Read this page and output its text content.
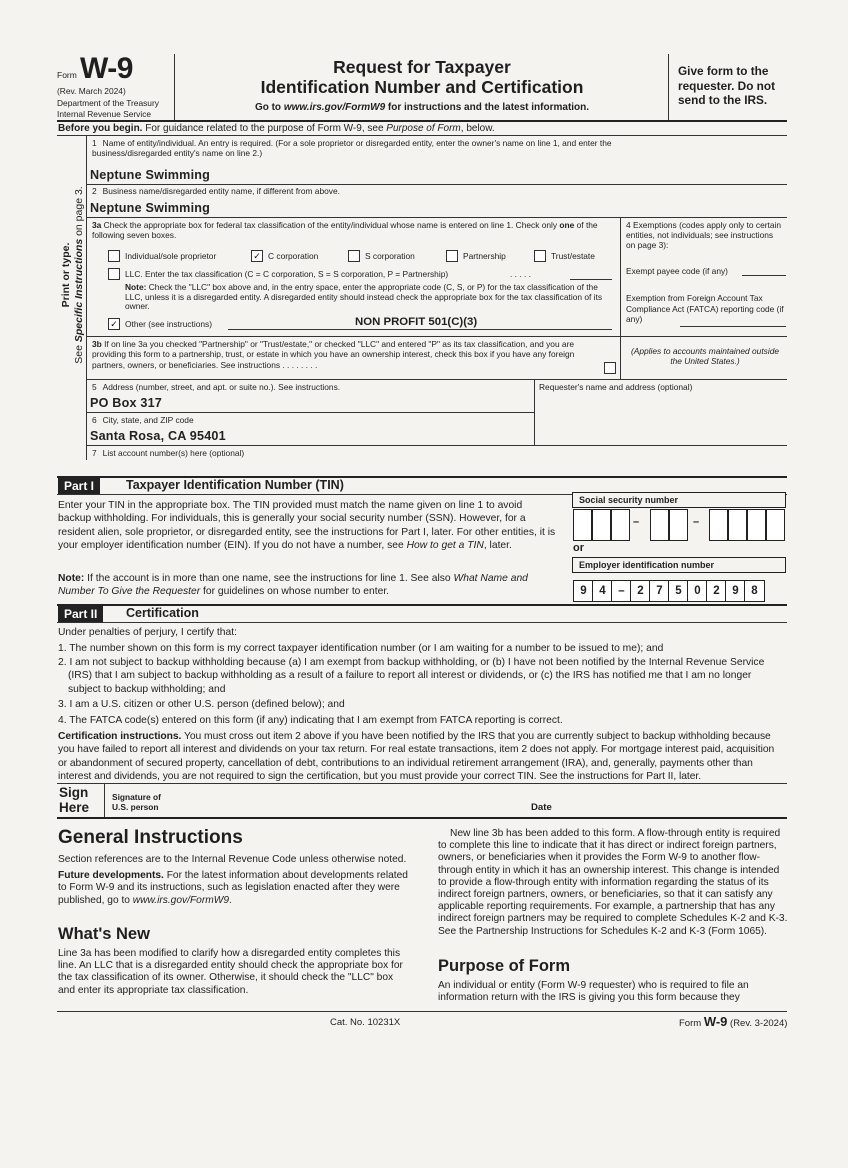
Form W-9
(Rev. March 2024)
Department of the Treasury
Internal Revenue Service
Request for Taxpayer
Identification Number and Certification
Go to www.irs.gov/FormW9 for instructions and the latest information.
Give form to the requester. Do not send to the IRS.
Before you begin. For guidance related to the purpose of Form W-9, see Purpose of Form, below.
Print or type.
See Specific Instructions on page 3.
1 Name of entity/individual. An entry is required. (For a sole proprietor or disregarded entity, enter the owner's name on line 1, and enter the business/disregarded entity's name on line 2.)
Neptune Swimming
2 Business name/disregarded entity name, if different from above.
Neptune Swimming
3a Check the appropriate box for federal tax classification of the entity/individual whose name is entered on line 1. Check only one of the following seven boxes.
Individual/sole proprietor	✓ C corporation	S corporation	Partnership	Trust/estate
LLC. Enter the tax classification (C = C corporation, S = S corporation, P = Partnership)	. . . . .
Note: Check the "LLC" box above and, in the entry space, enter the appropriate code (C, S, or P) for the tax classification of the LLC, unless it is a disregarded entity. A disregarded entity should instead check the appropriate box for the tax classification of its owner.
✓ Other (see instructions)	NON PROFIT 501(C)(3)
4 Exemptions (codes apply only to certain entities, not individuals; see instructions on page 3):
Exempt payee code (if any)
Exemption from Foreign Account Tax Compliance Act (FATCA) reporting code (if any)
3b If on line 3a you checked "Partnership" or "Trust/estate," or checked "LLC" and entered "P" as its tax classification, and you are providing this form to a partnership, trust, or estate in which you have an ownership interest, check this box if you have any foreign partners, owners, or beneficiaries. See instructions . . . . . . . .
(Applies to accounts maintained outside the United States.)
5 Address (number, street, and apt. or suite no.). See instructions.
PO Box 317
Requester's name and address (optional)
6 City, state, and ZIP code
Santa Rosa, CA 95401
7 List account number(s) here (optional)
Part I	Taxpayer Identification Number (TIN)
Enter your TIN in the appropriate box. The TIN provided must match the name given on line 1 to avoid backup withholding. For individuals, this is generally your social security number (SSN). However, for a resident alien, sole proprietor, or disregarded entity, see the instructions for Part I, later. For other entities, it is your employer identification number (EIN). If you do not have a number, see How to get a TIN, later.
Note: If the account is in more than one name, see the instructions for line 1. See also What Name and Number To Give the Requester for guidelines on whose number to enter.
Social security number
–	–
or
Employer identification number
9	4	–	2	7	5	0	2	9	8
Part II	Certification
Under penalties of perjury, I certify that:
1. The number shown on this form is my correct taxpayer identification number (or I am waiting for a number to be issued to me); and
2. I am not subject to backup withholding because (a) I am exempt from backup withholding, or (b) I have not been notified by the Internal Revenue Service (IRS) that I am subject to backup withholding as a result of a failure to report all interest or dividends, or (c) the IRS has notified me that I am no longer subject to backup withholding; and
3. I am a U.S. citizen or other U.S. person (defined below); and
4. The FATCA code(s) entered on this form (if any) indicating that I am exempt from FATCA reporting is correct.
Certification instructions. You must cross out item 2 above if you have been notified by the IRS that you are currently subject to backup withholding because you have failed to report all interest and dividends on your tax return. For real estate transactions, item 2 does not apply. For mortgage interest paid, acquisition or abandonment of secured property, cancellation of debt, contributions to an individual retirement arrangement (IRA), and, generally, payments other than interest and dividends, you are not required to sign the certification, but you must provide your correct TIN. See the instructions for Part II, later.
Sign
Here
Signature of
U.S. person	Date
General Instructions

Section references are to the Internal Revenue Code unless otherwise noted.

Future developments. For the latest information about developments related to Form W-9 and its instructions, such as legislation enacted after they were published, go to www.irs.gov/FormW9.

What's New
Line 3a has been modified to clarify how a disregarded entity completes this line. An LLC that is a disregarded entity should check the appropriate box for the tax classification of its owner. Otherwise, it should check the "LLC" box and enter its appropriate tax classification.
New line 3b has been added to this form. A flow-through entity is required to complete this line to indicate that it has direct or indirect foreign partners, owners, or beneficiaries when it provides the Form W-9 to another flow-through entity in which it has an ownership interest. This change is intended to provide a flow-through entity with information regarding the status of its indirect foreign partners, owners, or beneficiaries, so that it can satisfy any applicable reporting requirements. For example, a partnership that has any indirect foreign partners may be required to complete Schedules K-2 and K-3. See the Partnership Instructions for Schedules K-2 and K-3 (Form 1065).
Purpose of Form
An individual or entity (Form W-9 requester) who is required to file an information return with the IRS is giving you this form because they
Cat. No. 10231X	Form W-9 (Rev. 3-2024)
